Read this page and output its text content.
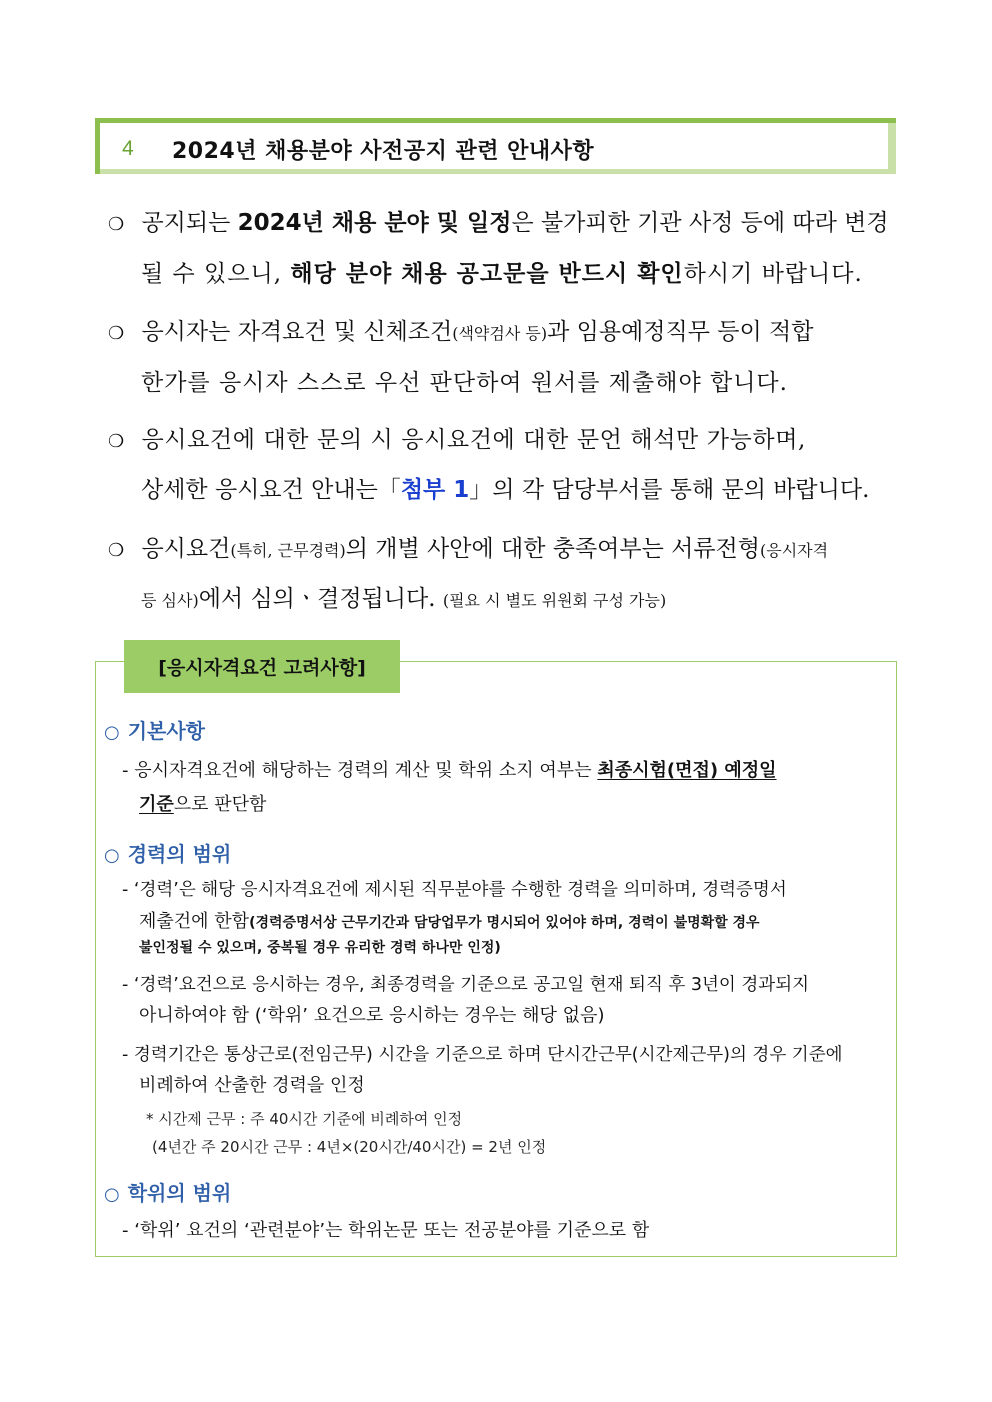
4 2024년 채용분야 사전공지 관련 안내사항
❍ 공지되는 2024년 채용 분야 및 일정은 불가피한 기관 사정 등에 따라 변경
될 수 있으니, 해당 분야 채용 공고문을 반드시 확인하시기 바랍니다.
❍ 응시자는 자격요건 및 신체조건(색약검사 등)과 임용예정직무 등이 적합
한가를 응시자 스스로 우선 판단하여 원서를 제출해야 합니다.
❍ 응시요건에 대한 문의 시 응시요건에 대한 문언 해석만 가능하며,
상세한 응시요건 안내는「첨부 1」의 각 담당부서를 통해 문의 바랍니다.
❍ 응시요건(특히, 근무경력)의 개별 사안에 대한 충족여부는 서류전형(응시자격
등 심사)에서 심의ㆍ결정됩니다. (필요 시 별도 위원회 구성 가능)
[응시자격요건 고려사항]
○ 기본사항
- 응시자격요건에 해당하는 경력의 계산 및 학위 소지 여부는 최종시험(면접) 예정일
기준으로 판단함
○ 경력의 범위
- ‘경력’은 해당 응시자격요건에 제시된 직무분야를 수행한 경력을 의미하며, 경력증명서
제출건에 한함(경력증명서상 근무기간과 담당업무가 명시되어 있어야 하며, 경력이 불명확할 경우
불인정될 수 있으며, 중복될 경우 유리한 경력 하나만 인정)
- ‘경력’요건으로 응시하는 경우, 최종경력을 기준으로 공고일 현재 퇴직 후 3년이 경과되지
아니하여야 함 (‘학위’ 요건으로 응시하는 경우는 해당 없음)
- 경력기간은 통상근로(전임근무) 시간을 기준으로 하며 단시간근무(시간제근무)의 경우 기준에
비례하여 산출한 경력을 인정
* 시간제 근무 : 주 40시간 기준에 비례하여 인정
(4년간 주 20시간 근무 : 4년×(20시간/40시간) = 2년 인정
○ 학위의 범위
- ‘학위’ 요건의 ‘관련분야’는 학위논문 또는 전공분야를 기준으로 함
